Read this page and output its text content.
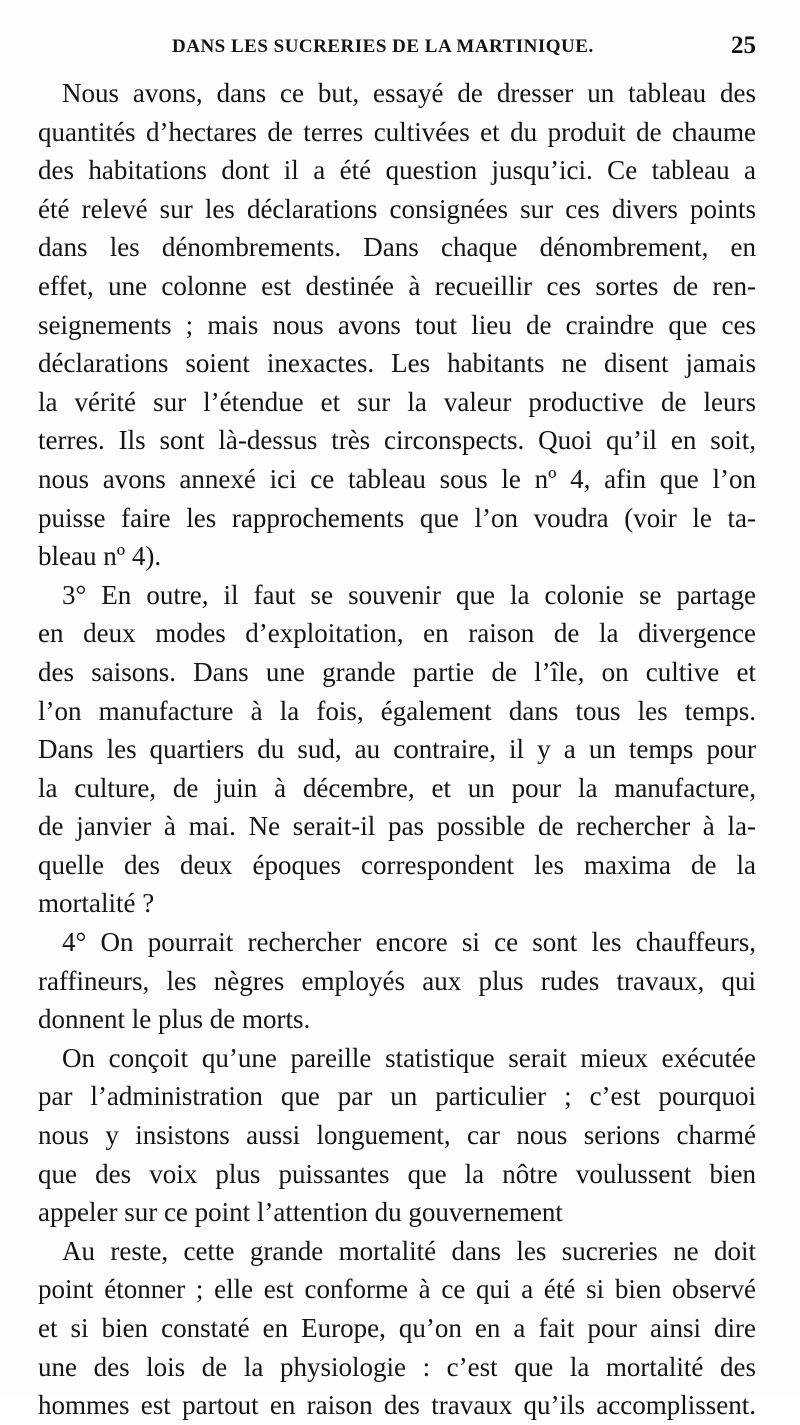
DANS LES SUCRERIES DE LA MARTINIQUE.	25
Nous avons, dans ce but, essayé de dresser un tableau des
quantités d’hectares de terres cultivées et du produit de chaume
des habitations dont il a été question jusqu’ici. Ce tableau a
été relevé sur les déclarations consignées sur ces divers points
dans les dénombrements. Dans chaque dénombrement, en
effet, une colonne est destinée à recueillir ces sortes de ren-
seignements ; mais nous avons tout lieu de craindre que ces
déclarations soient inexactes. Les habitants ne disent jamais
la vérité sur l’étendue et sur la valeur productive de leurs
terres. Ils sont là-dessus très circonspects. Quoi qu’il en soit,
nous avons annexé ici ce tableau sous le nº 4, afin que l’on
puisse faire les rapprochements que l’on voudra (voir le ta-
bleau nº 4).
3° En outre, il faut se souvenir que la colonie se partage
en deux modes d’exploitation, en raison de la divergence
des saisons. Dans une grande partie de l’île, on cultive et
l’on manufacture à la fois, également dans tous les temps.
Dans les quartiers du sud, au contraire, il y a un temps pour
la culture, de juin à décembre, et un pour la manufacture,
de janvier à mai. Ne serait-il pas possible de rechercher à la-
quelle des deux époques correspondent les maxima de la
mortalité ?
4° On pourrait rechercher encore si ce sont les chauffeurs,
raffineurs, les nègres employés aux plus rudes travaux, qui
donnent le plus de morts.
On conçoit qu’une pareille statistique serait mieux exécutée
par l’administration que par un particulier ; c’est pourquoi
nous y insistons aussi longuement, car nous serions charmé
que des voix plus puissantes que la nôtre voulussent bien
appeler sur ce point l’attention du gouvernement
Au reste, cette grande mortalité dans les sucreries ne doit
point étonner ; elle est conforme à ce qui a été si bien observé
et si bien constaté en Europe, qu’on en a fait pour ainsi dire
une des lois de la physiologie : c’est que la mortalité des
hommes est partout en raison des travaux qu’ils accomplissent.
